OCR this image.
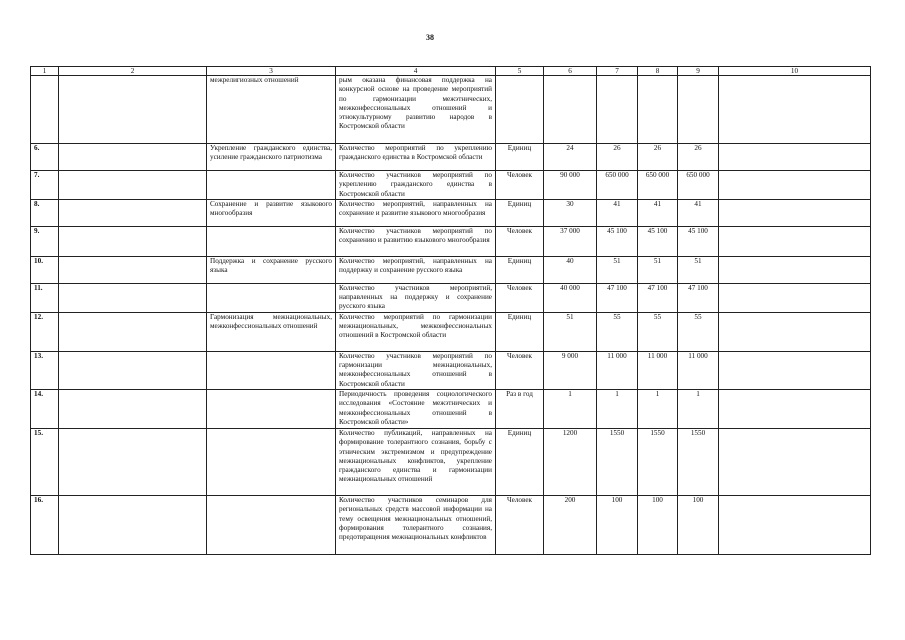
38
1	2	3	4	5	6	7	8	9	10
		межрелигиозных отношений	рым оказана финансовая поддержка на конкурсной основе на проведение мероприятий по гармонизации межэтнических, межконфессиональных отношений и этнокультурному развитию народов в Костромской области						
6.		Укрепление гражданского единства, усиление гражданского патриотизма	Количество мероприятий по укреплению гражданского единства в Костромской области	Единиц	24	26	26	26	
7.			Количество участников мероприятий по укреплению гражданского единства в Костромской области	Человек	90 000	650 000	650 000	650 000	
8.		Сохранение и развитие языкового многообразия	Количество мероприятий, направленных на сохранение и развитие языкового многообразия	Единиц	30	41	41	41	
9.			Количество участников мероприятий по сохранению и развитию языкового многообразия	Человек	37 000	45 100	45 100	45 100	
10.		Поддержка и сохранение русского языка	Количество мероприятий, направленных на поддержку и сохранение русского языка	Единиц	40	51	51	51	
11.			Количество участников мероприятий, направленных на поддержку и сохранение русского языка	Человек	40 000	47 100	47 100	47 100	
12.		Гармонизация межнациональных, межконфессиональных отношений	Количество мероприятий по гармонизации межнациональных, межконфессиональных отношений в Костромской области	Единиц	51	55	55	55	
13.			Количество участников мероприятий по гармонизации межнациональных, межконфессиональных отношений в Костромской области	Человек	9 000	11 000	11 000	11 000	
14.			Периодичность проведения социологического исследования «Состояние межэтнических и межконфессиональных отношений в Костромской области»	Раз в год	1	1	1	1	
15.			Количество публикаций, направленных на формирование толерантного сознания, борьбу с этническим экстремизмом и предупреждение межнациональных конфликтов, укрепление гражданского единства и гармонизации межнациональных отношений	Единиц	1200	1550	1550	1550	
16.			Количество участников семинаров для региональных средств массовой информации на тему освещения межнациональных отношений, формирования толерантного сознания, предотвращения межнациональных конфликтов	Человек	200	100	100	100	
